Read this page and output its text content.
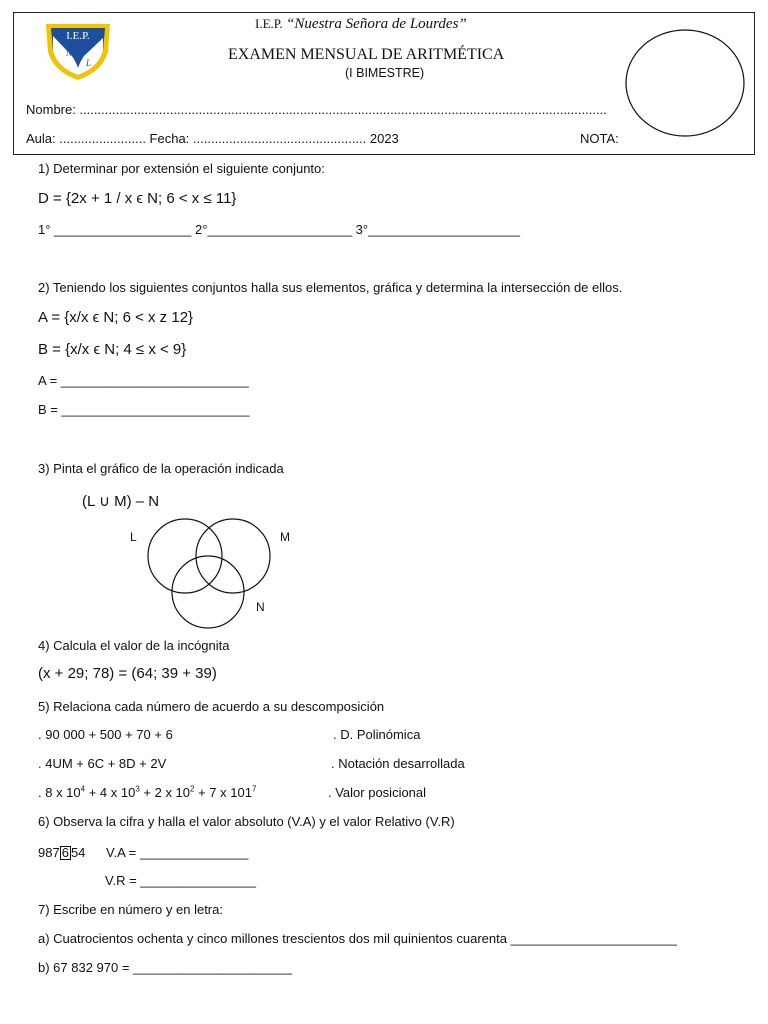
I.E.P.
N S L
I.E.P. “Nuestra Señora de Lourdes”
EXAMEN MENSUAL DE ARITMÉTICA
(I BIMESTRE)
Nombre: ..................................................................................................................................................
Aula: ........................ Fecha: ................................................ 2023	NOTA:
1) Determinar por extensión el siguiente conjunto:
D = {2x + 1 / x ϵ N; 6 < x ≤ 11}
1° ___________________ 2°____________________ 3°_____________________
2) Teniendo los siguientes conjuntos halla sus elementos, gráfica y determina la intersección de ellos.
A = {x/x ϵ N; 6 < x z 12}
B = {x/x ϵ N; 4 ≤ x < 9}
A = __________________________
B = __________________________
3) Pinta el gráfico de la operación indicada
(L ∪ M) – N
L	M
N
4) Calcula el valor de la incógnita
(x + 29; 78) = (64; 39 + 39)
5) Relaciona cada número de acuerdo a su descomposición
. 90 000 + 500 + 70 + 6
. 4UM + 6C + 8D + 2V
. 8 x $10^4 + 4$ x $10^3 + 2$ x $10^2 + 7$ x $101^7$
. D. Polinómica
. Notación desarrollada
. Valor posicional
6) Observa la cifra y halla el valor absoluto (V.A) y el valor Relativo (V.R)
987 6 54 V.A = _______________
V.R = ________________
7) Escribe en número y en letra:
a) Cuatrocientos ochenta y cinco millones trescientos dos mil quinientos cuarenta _______________________
b) 67 832 970 = ______________________
